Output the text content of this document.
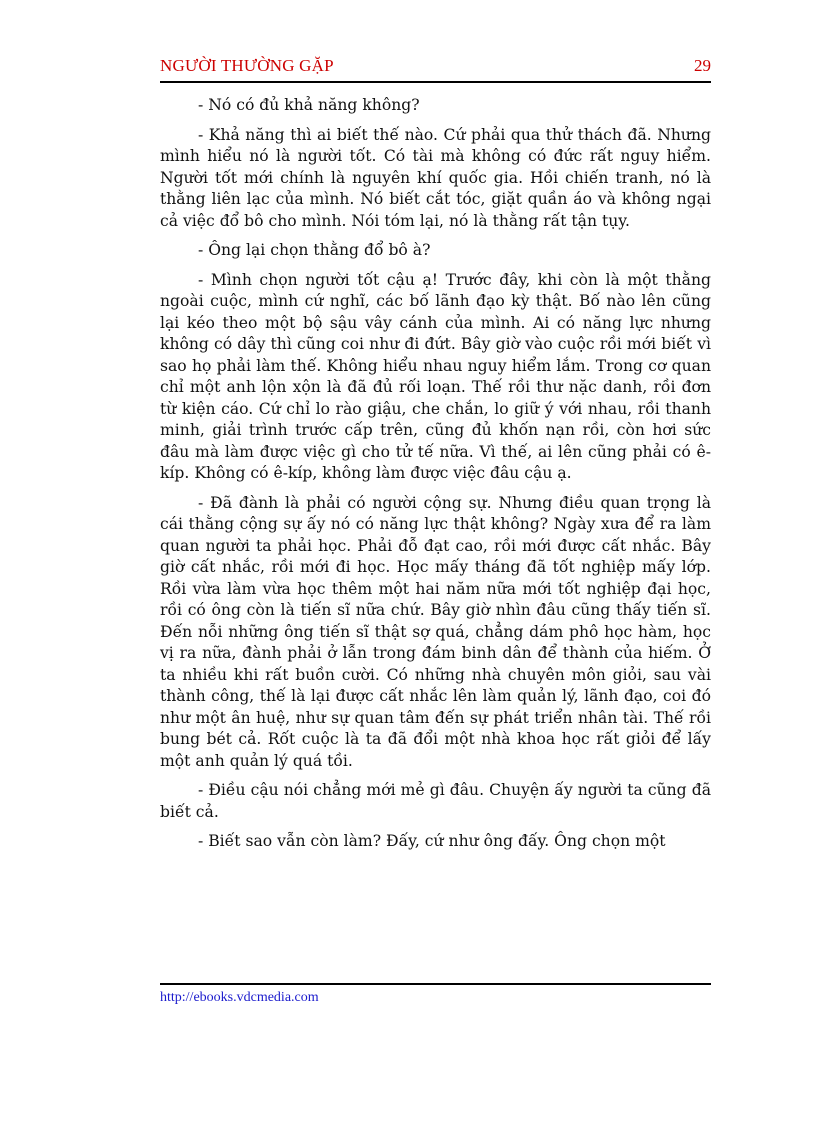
NGƯỜI THƯỜNG GẶP	29

- Nó có đủ khả năng không?

- Khả năng thì ai biết thế nào. Cứ phải qua thử thách đã. Nhưng mình hiểu nó là người tốt. Có tài mà không có đức rất nguy hiểm. Người tốt mới chính là nguyên khí quốc gia. Hồi chiến tranh, nó là thằng liên lạc của mình. Nó biết cắt tóc, giặt quần áo và không ngại cả việc đổ bô cho mình. Nói tóm lại, nó là thằng rất tận tụy.

- Ông lại chọn thằng đổ bô à?

- Mình chọn người tốt cậu ạ! Trước đây, khi còn là một thằng ngoài cuộc, mình cứ nghĩ, các bố lãnh đạo kỳ thật. Bố nào lên cũng lại kéo theo một bộ sậu vây cánh của mình. Ai có năng lực nhưng không có dây thì cũng coi như đi đứt. Bây giờ vào cuộc rồi mới biết vì sao họ phải làm thế. Không hiểu nhau nguy hiểm lắm. Trong cơ quan chỉ một anh lộn xộn là đã đủ rối loạn. Thế rồi thư nặc danh, rồi đơn từ kiện cáo. Cứ chỉ lo rào giậu, che chắn, lo giữ ý với nhau, rồi thanh minh, giải trình trước cấp trên, cũng đủ khốn nạn rồi, còn hơi sức đâu mà làm được việc gì cho tử tế nữa. Vì thế, ai lên cũng phải có ê-kíp. Không có ê-kíp, không làm được việc đâu cậu ạ.

- Đã đành là phải có người cộng sự. Nhưng điều quan trọng là cái thằng cộng sự ấy nó có năng lực thật không? Ngày xưa để ra làm quan người ta phải học. Phải đỗ đạt cao, rồi mới được cất nhắc. Bây giờ cất nhắc, rồi mới đi học. Học mấy tháng đã tốt nghiệp mấy lớp. Rồi vừa làm vừa học thêm một hai năm nữa mới tốt nghiệp đại học, rồi có ông còn là tiến sĩ nữa chứ. Bây giờ nhìn đâu cũng thấy tiến sĩ. Đến nỗi những ông tiến sĩ thật sợ quá, chẳng dám phô học hàm, học vị ra nữa, đành phải ở lẫn trong đám binh dân để thành của hiếm. Ở ta nhiều khi rất buồn cười. Có những nhà chuyên môn giỏi, sau vài thành công, thế là lại được cất nhắc lên làm quản lý, lãnh đạo, coi đó như một ân huệ, như sự quan tâm đến sự phát triển nhân tài. Thế rồi bung bét cả. Rốt cuộc là ta đã đổi một nhà khoa học rất giỏi để lấy một anh quản lý quá tồi.

- Điều cậu nói chẳng mới mẻ gì đâu. Chuyện ấy người ta cũng đã biết cả.

- Biết sao vẫn còn làm? Đấy, cứ như ông đấy. Ông chọn một

http://ebooks.vdcmedia.com
